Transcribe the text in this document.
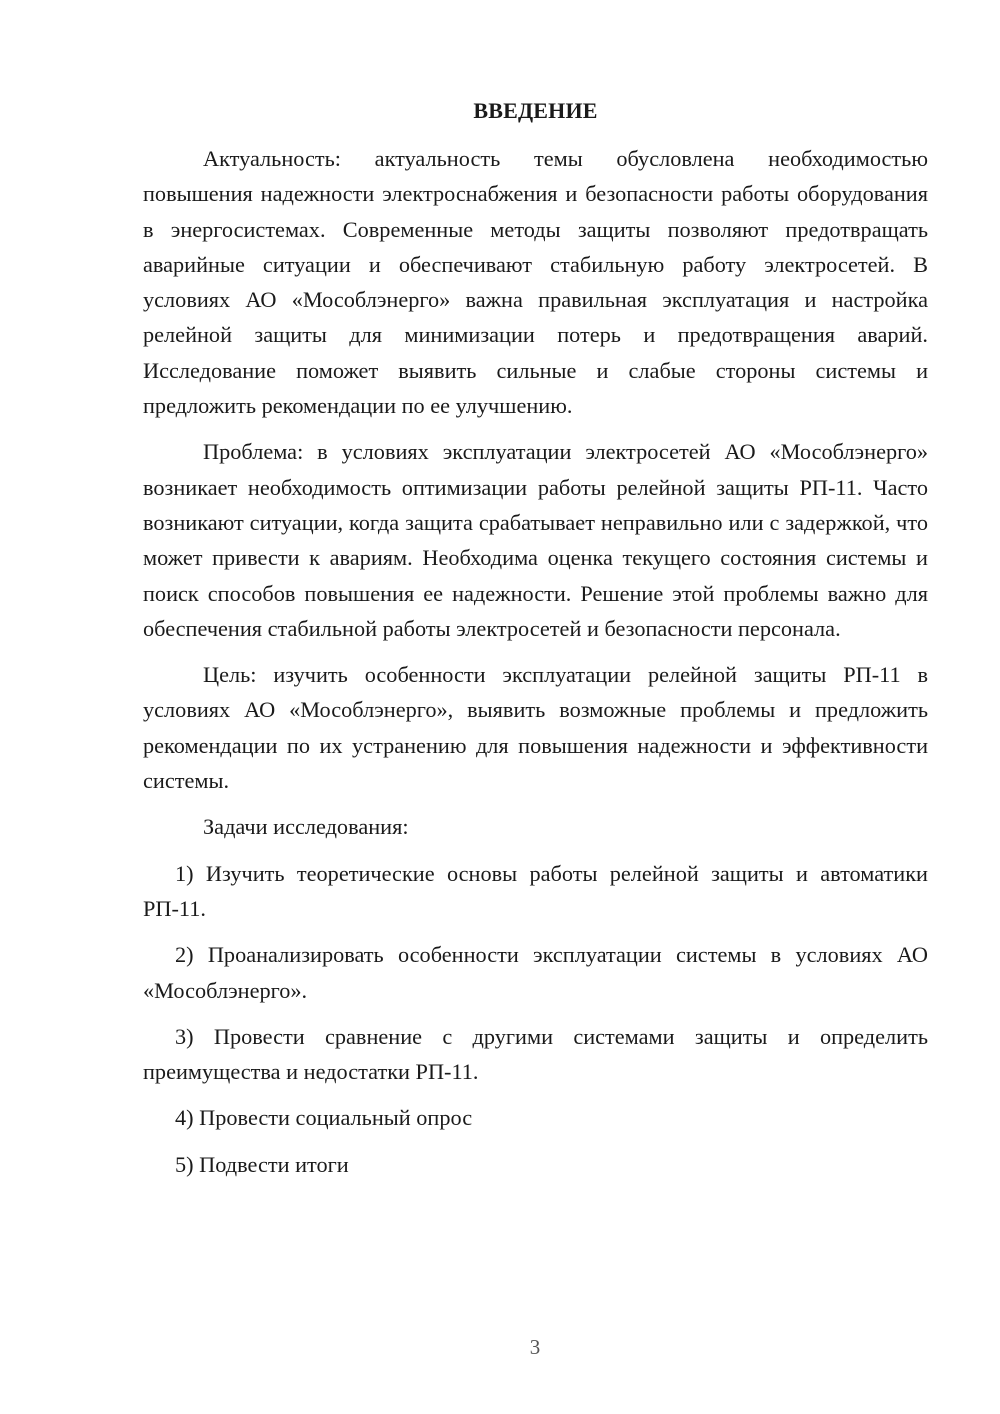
ВВЕДЕНИЕ

Актуальность: актуальность темы обусловлена необходимостью повышения надежности электроснабжения и безопасности работы оборудования в энергосистемах. Современные методы защиты позволяют предотвращать аварийные ситуации и обеспечивают стабильную работу электросетей. В условиях АО «Мособлэнерго» важна правильная эксплуатация и настройка релейной защиты для минимизации потерь и предотвращения аварий. Исследование поможет выявить сильные и слабые стороны системы и предложить рекомендации по ее улучшению.

Проблема: в условиях эксплуатации электросетей АО «Мособлэнерго» возникает необходимость оптимизации работы релейной защиты РП-11. Часто возникают ситуации, когда защита срабатывает неправильно или с задержкой, что может привести к авариям. Необходима оценка текущего состояния системы и поиск способов повышения ее надежности. Решение этой проблемы важно для обеспечения стабильной работы электросетей и безопасности персонала.

Цель: изучить особенности эксплуатации релейной защиты РП-11 в условиях АО «Мособлэнерго», выявить возможные проблемы и предложить рекомендации по их устранению для повышения надежности и эффективности системы.

Задачи исследования:

1) Изучить теоретические основы работы релейной защиты и автоматики РП-11.

2) Проанализировать особенности эксплуатации системы в условиях АО «Мособлэнерго».

3) Провести сравнение с другими системами защиты и определить преимущества и недостатки РП-11.

4) Провести социальный опрос

5) Подвести итоги

3
